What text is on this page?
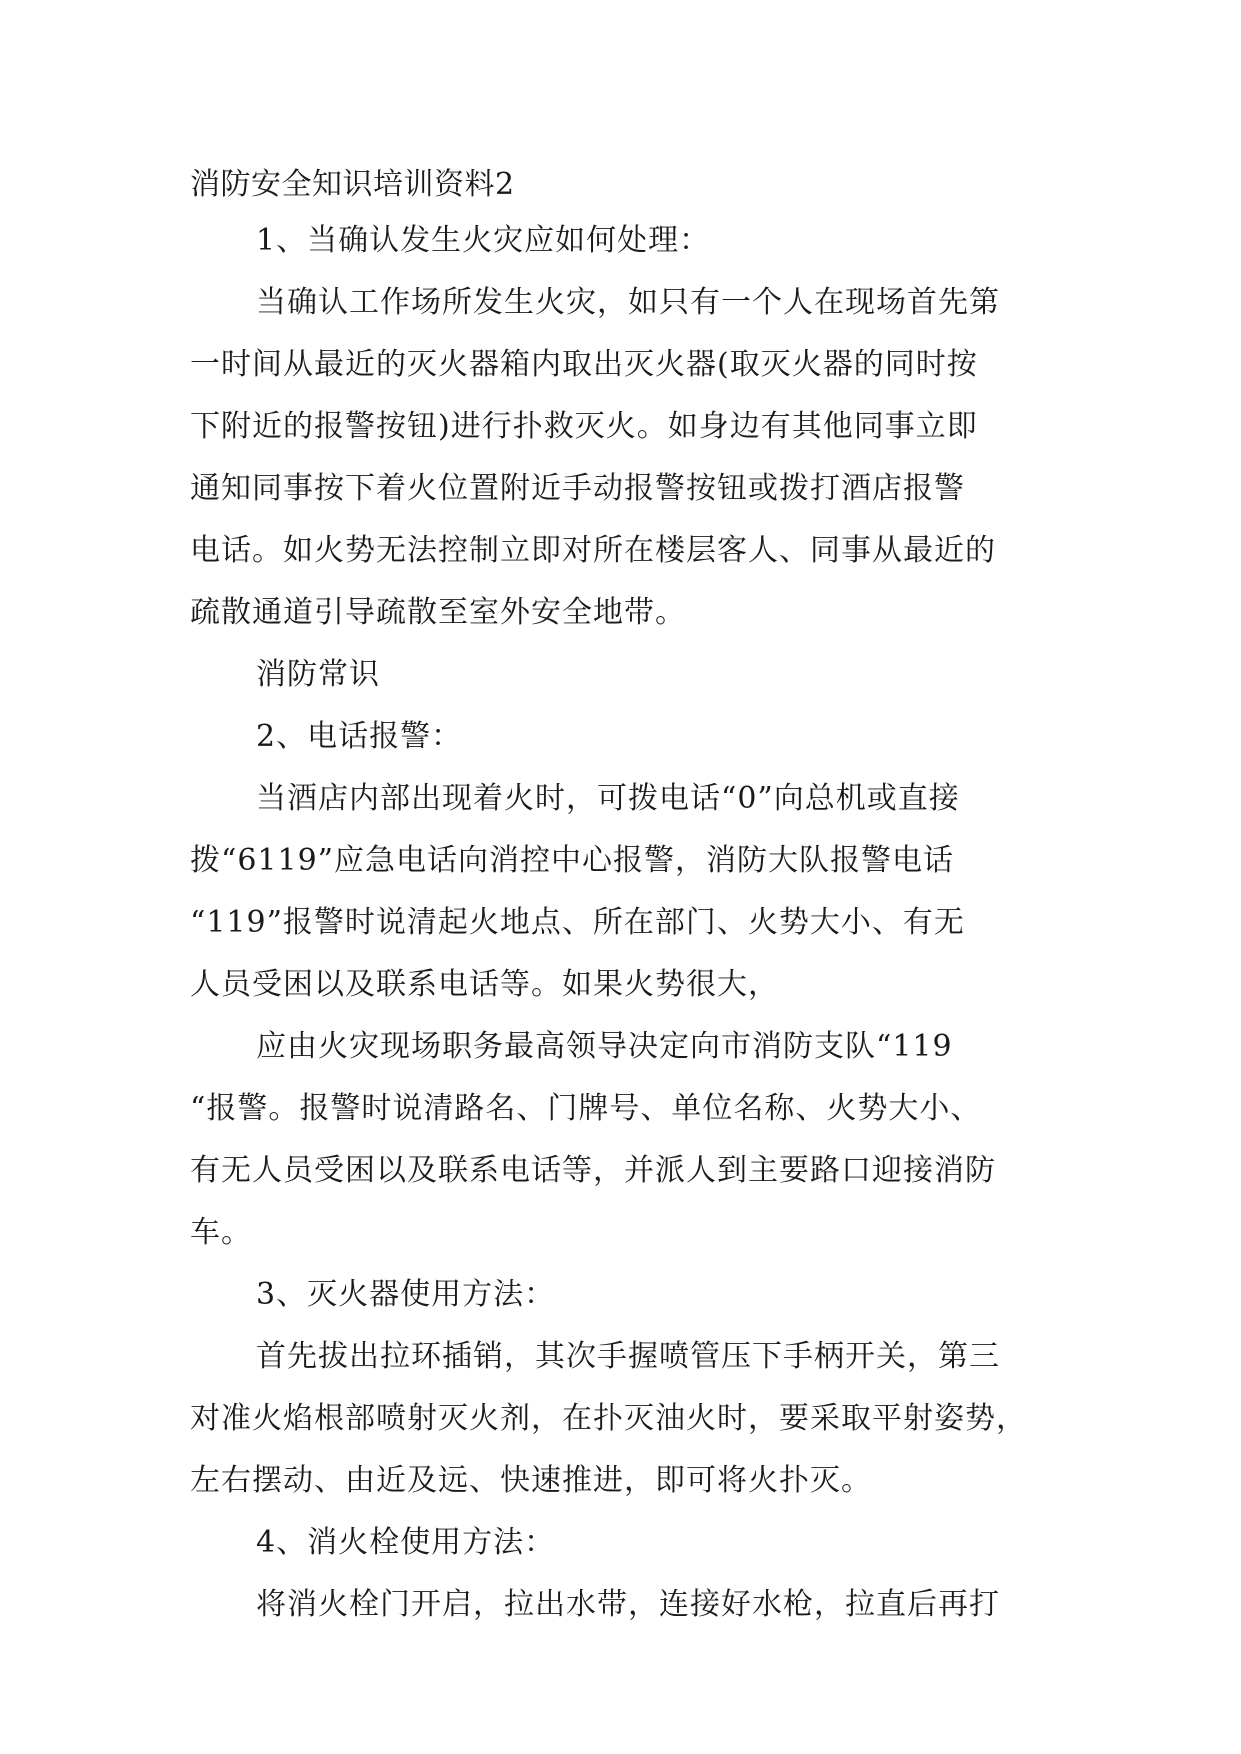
消防安全知识培训资料2
1、当确认发生火灾应如何处理：
当确认工作场所发生火灾，如只有一个人在现场首先第
一时间从最近的灭火器箱内取出灭火器(取灭火器的同时按
下附近的报警按钮)进行扑救灭火。如身边有其他同事立即
通知同事按下着火位置附近手动报警按钮或拨打酒店报警
电话。如火势无法控制立即对所在楼层客人、同事从最近的
疏散通道引导疏散至室外安全地带。
消防常识
2、电话报警：
当酒店内部出现着火时，可拨电话“0”向总机或直接
拨“6119”应急电话向消控中心报警，消防大队报警电话
“119”报警时说清起火地点、所在部门、火势大小、有无
人员受困以及联系电话等。如果火势很大，
应由火灾现场职务最高领导决定向市消防支队“119
“报警。报警时说清路名、门牌号、单位名称、火势大小、
有无人员受困以及联系电话等，并派人到主要路口迎接消防
车。
3、灭火器使用方法：
首先拔出拉环插销，其次手握喷管压下手柄开关，第三
对准火焰根部喷射灭火剂，在扑灭油火时，要采取平射姿势，
左右摆动、由近及远、快速推进，即可将火扑灭。
4、消火栓使用方法：
将消火栓门开启，拉出水带，连接好水枪，拉直后再打
